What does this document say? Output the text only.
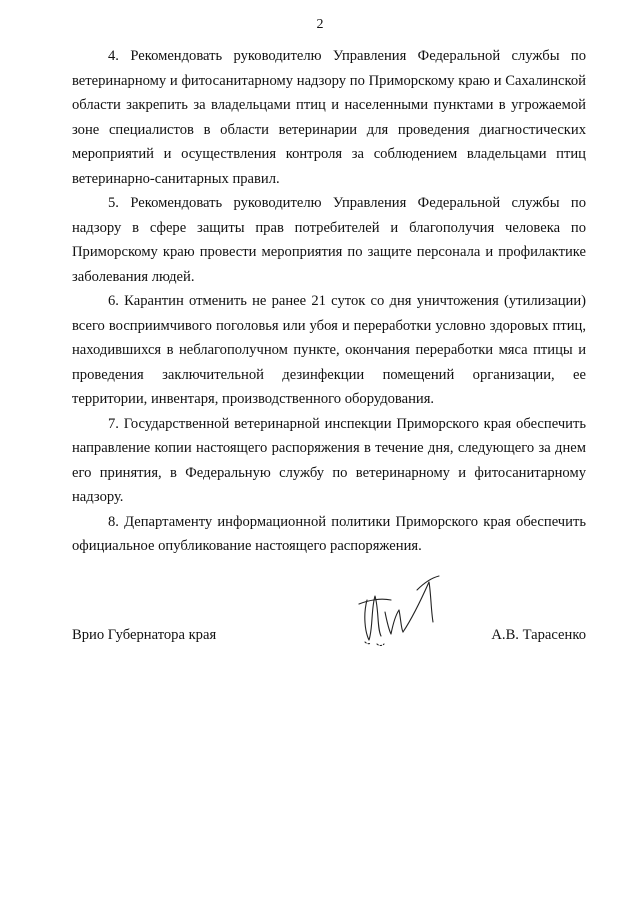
2

4. Рекомендовать руководителю Управления Федеральной службы по ветеринарному и фитосанитарному надзору по Приморскому краю и Сахалинской области закрепить за владельцами птиц и населенными пунктами в угрожаемой зоне специалистов в области ветеринарии для проведения диагностических мероприятий и осуществления контроля за соблюдением владельцами птиц ветеринарно-санитарных правил.

5. Рекомендовать руководителю Управления Федеральной службы по надзору в сфере защиты прав потребителей и благополучия человека по Приморскому краю провести мероприятия по защите персонала и профилактике заболевания людей.

6. Карантин отменить не ранее 21 суток со дня уничтожения (утилизации) всего восприимчивого поголовья или убоя и переработки условно здоровых птиц, находившихся в неблагополучном пункте, окончания переработки мяса птицы и проведения заключительной дезинфекции помещений организации, ее территории, инвентаря, производственного оборудования.

7. Государственной ветеринарной инспекции Приморского края обеспечить направление копии настоящего распоряжения в течение дня, следующего за днем его принятия, в Федеральную службу по ветеринарному и фитосанитарному надзору.

8. Департаменту информационной политики Приморского края обеспечить официальное опубликование настоящего распоряжения.

Врио Губернатора края	А.В. Тарасенко
